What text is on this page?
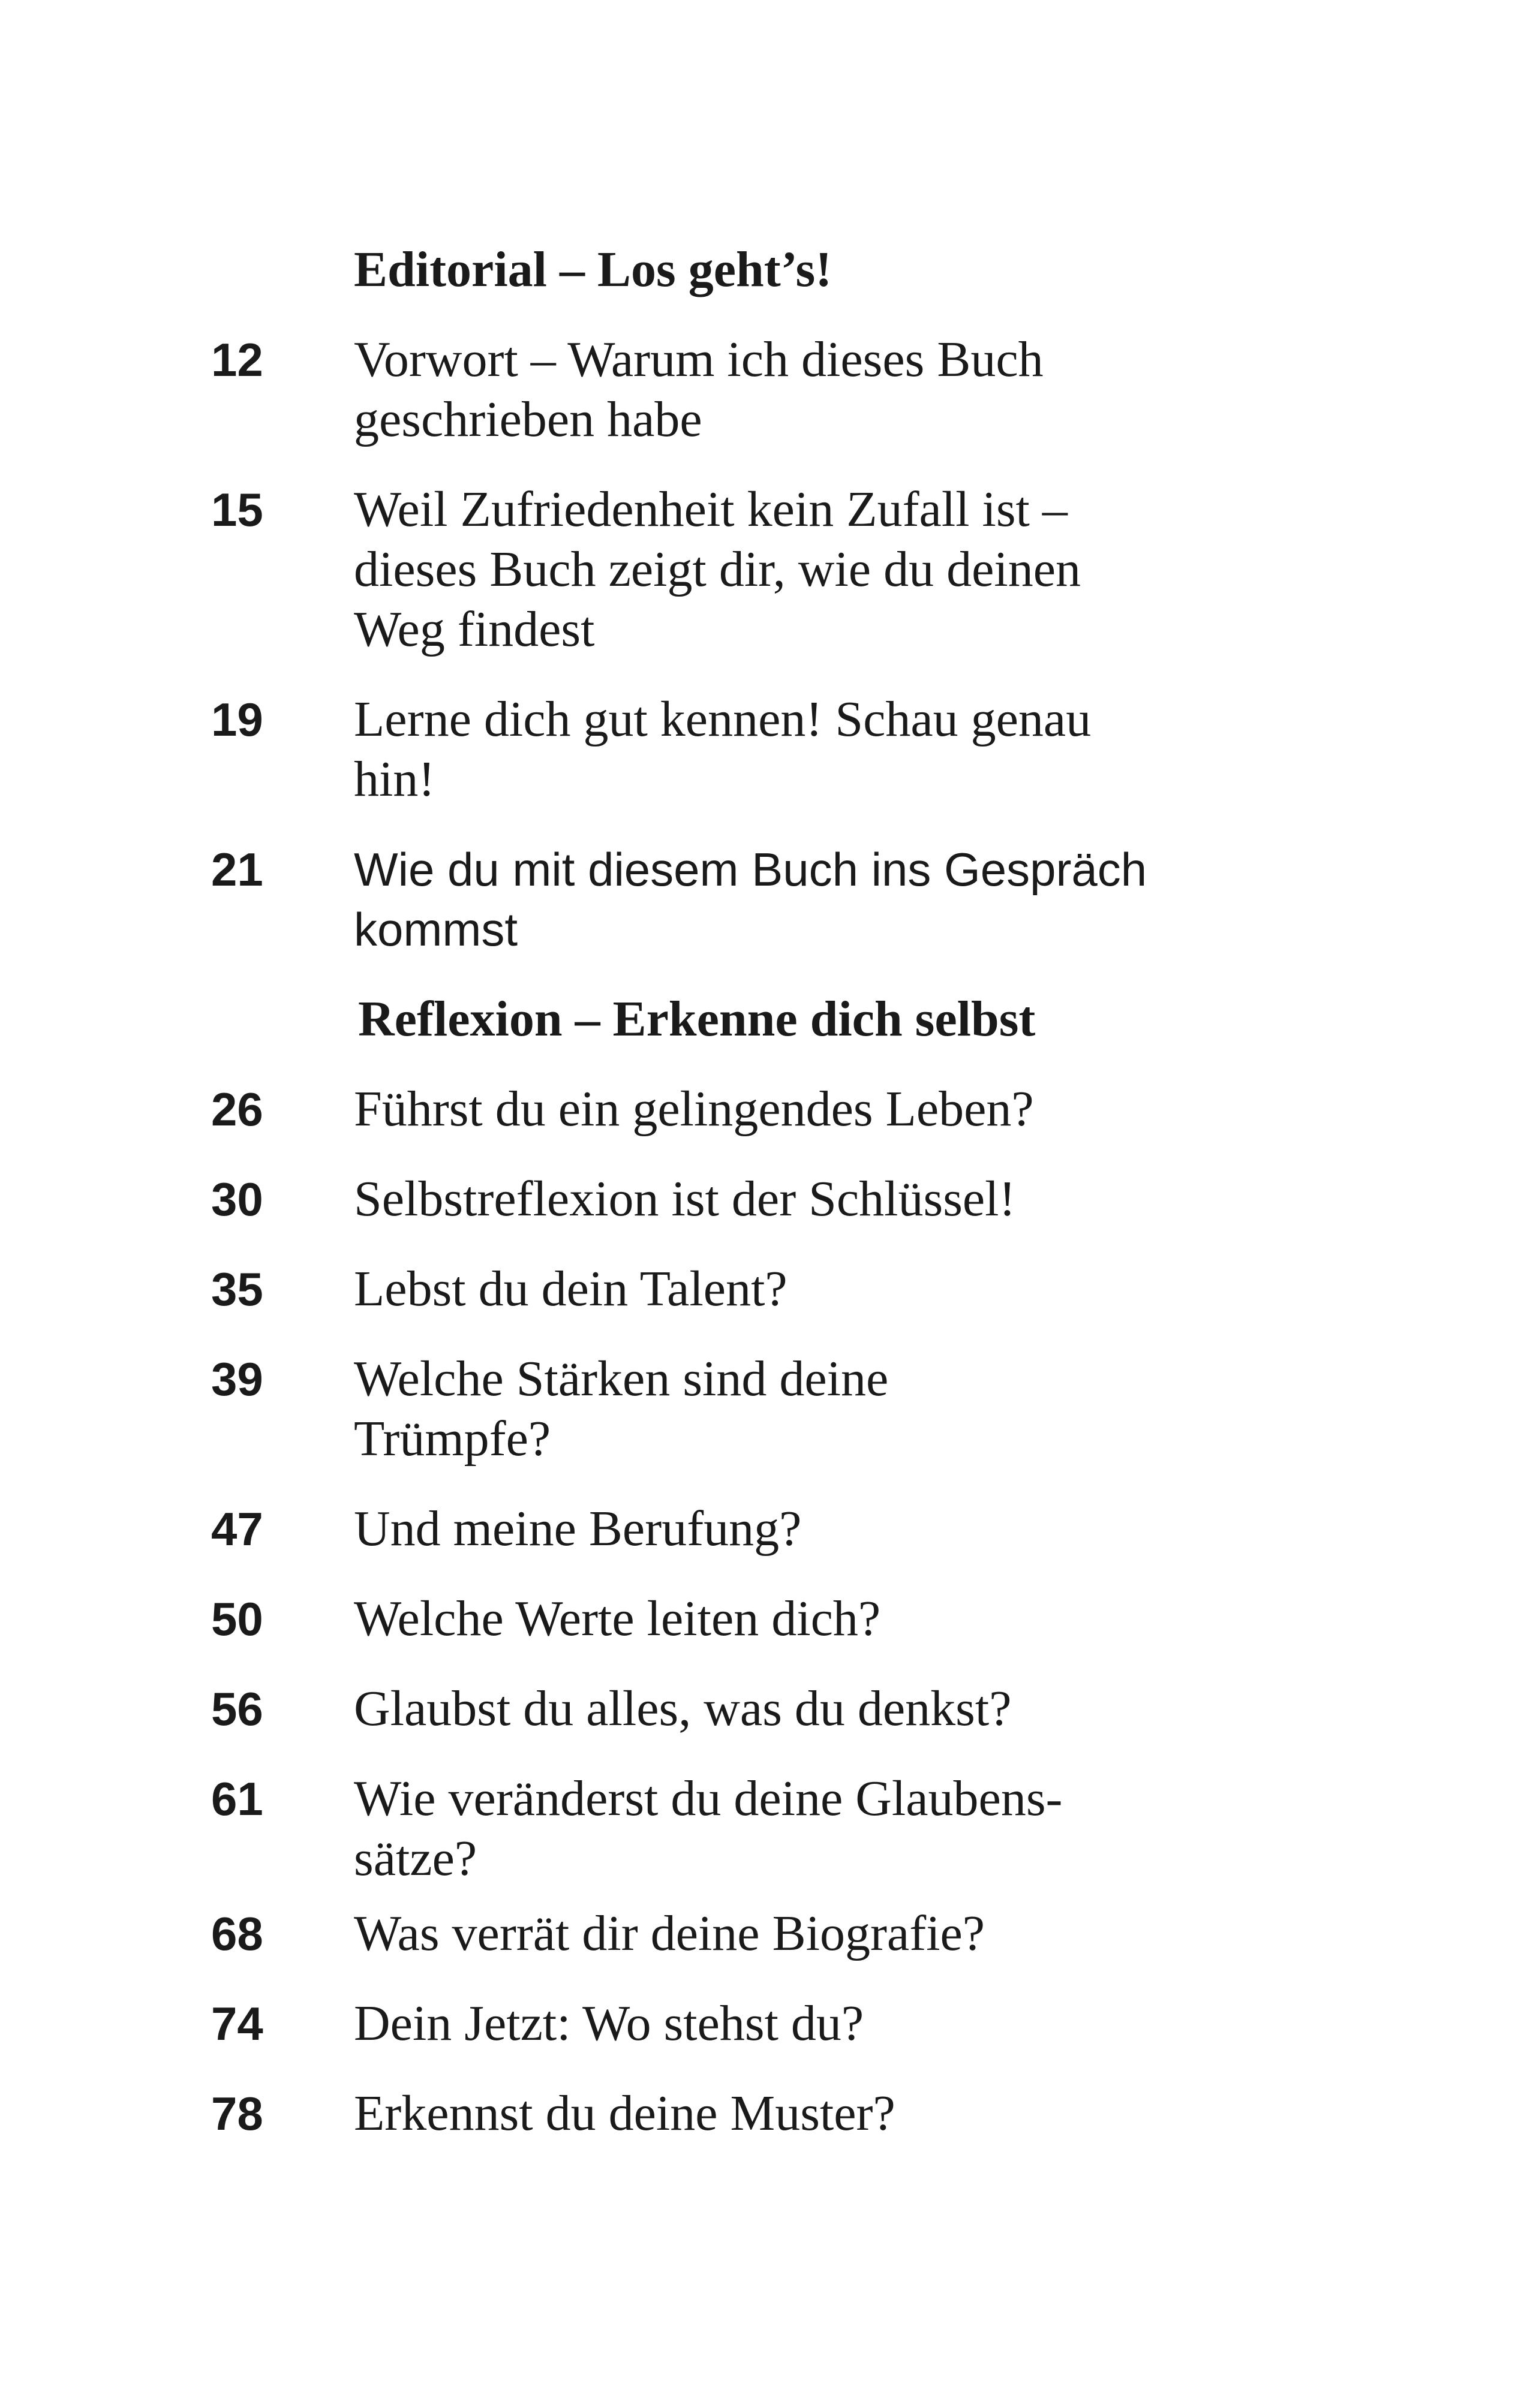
Editorial – Los geht’s!
12 Vorwort – Warum ich dieses Buch
geschrieben habe
15 Weil Zufriedenheit kein Zufall ist –
dieses Buch zeigt dir, wie du deinen
Weg findest
19 Lerne dich gut kennen! Schau genau
hin!
21 Wie du mit diesem Buch ins Gespräch
kommst
Reflexion – Erkenne dich selbst
26 Führst du ein gelingendes Leben?
30 Selbstreflexion ist der Schlüssel!
35 Lebst du dein Talent?
39 Welche Stärken sind deine
Trümpfe?
47 Und meine Berufung?
50 Welche Werte leiten dich?
56 Glaubst du alles, was du denkst?
61 Wie veränderst du deine Glaubens-
sätze?
68 Was verrät dir deine Biografie?
74 Dein Jetzt: Wo stehst du?
78 Erkennst du deine Muster?
